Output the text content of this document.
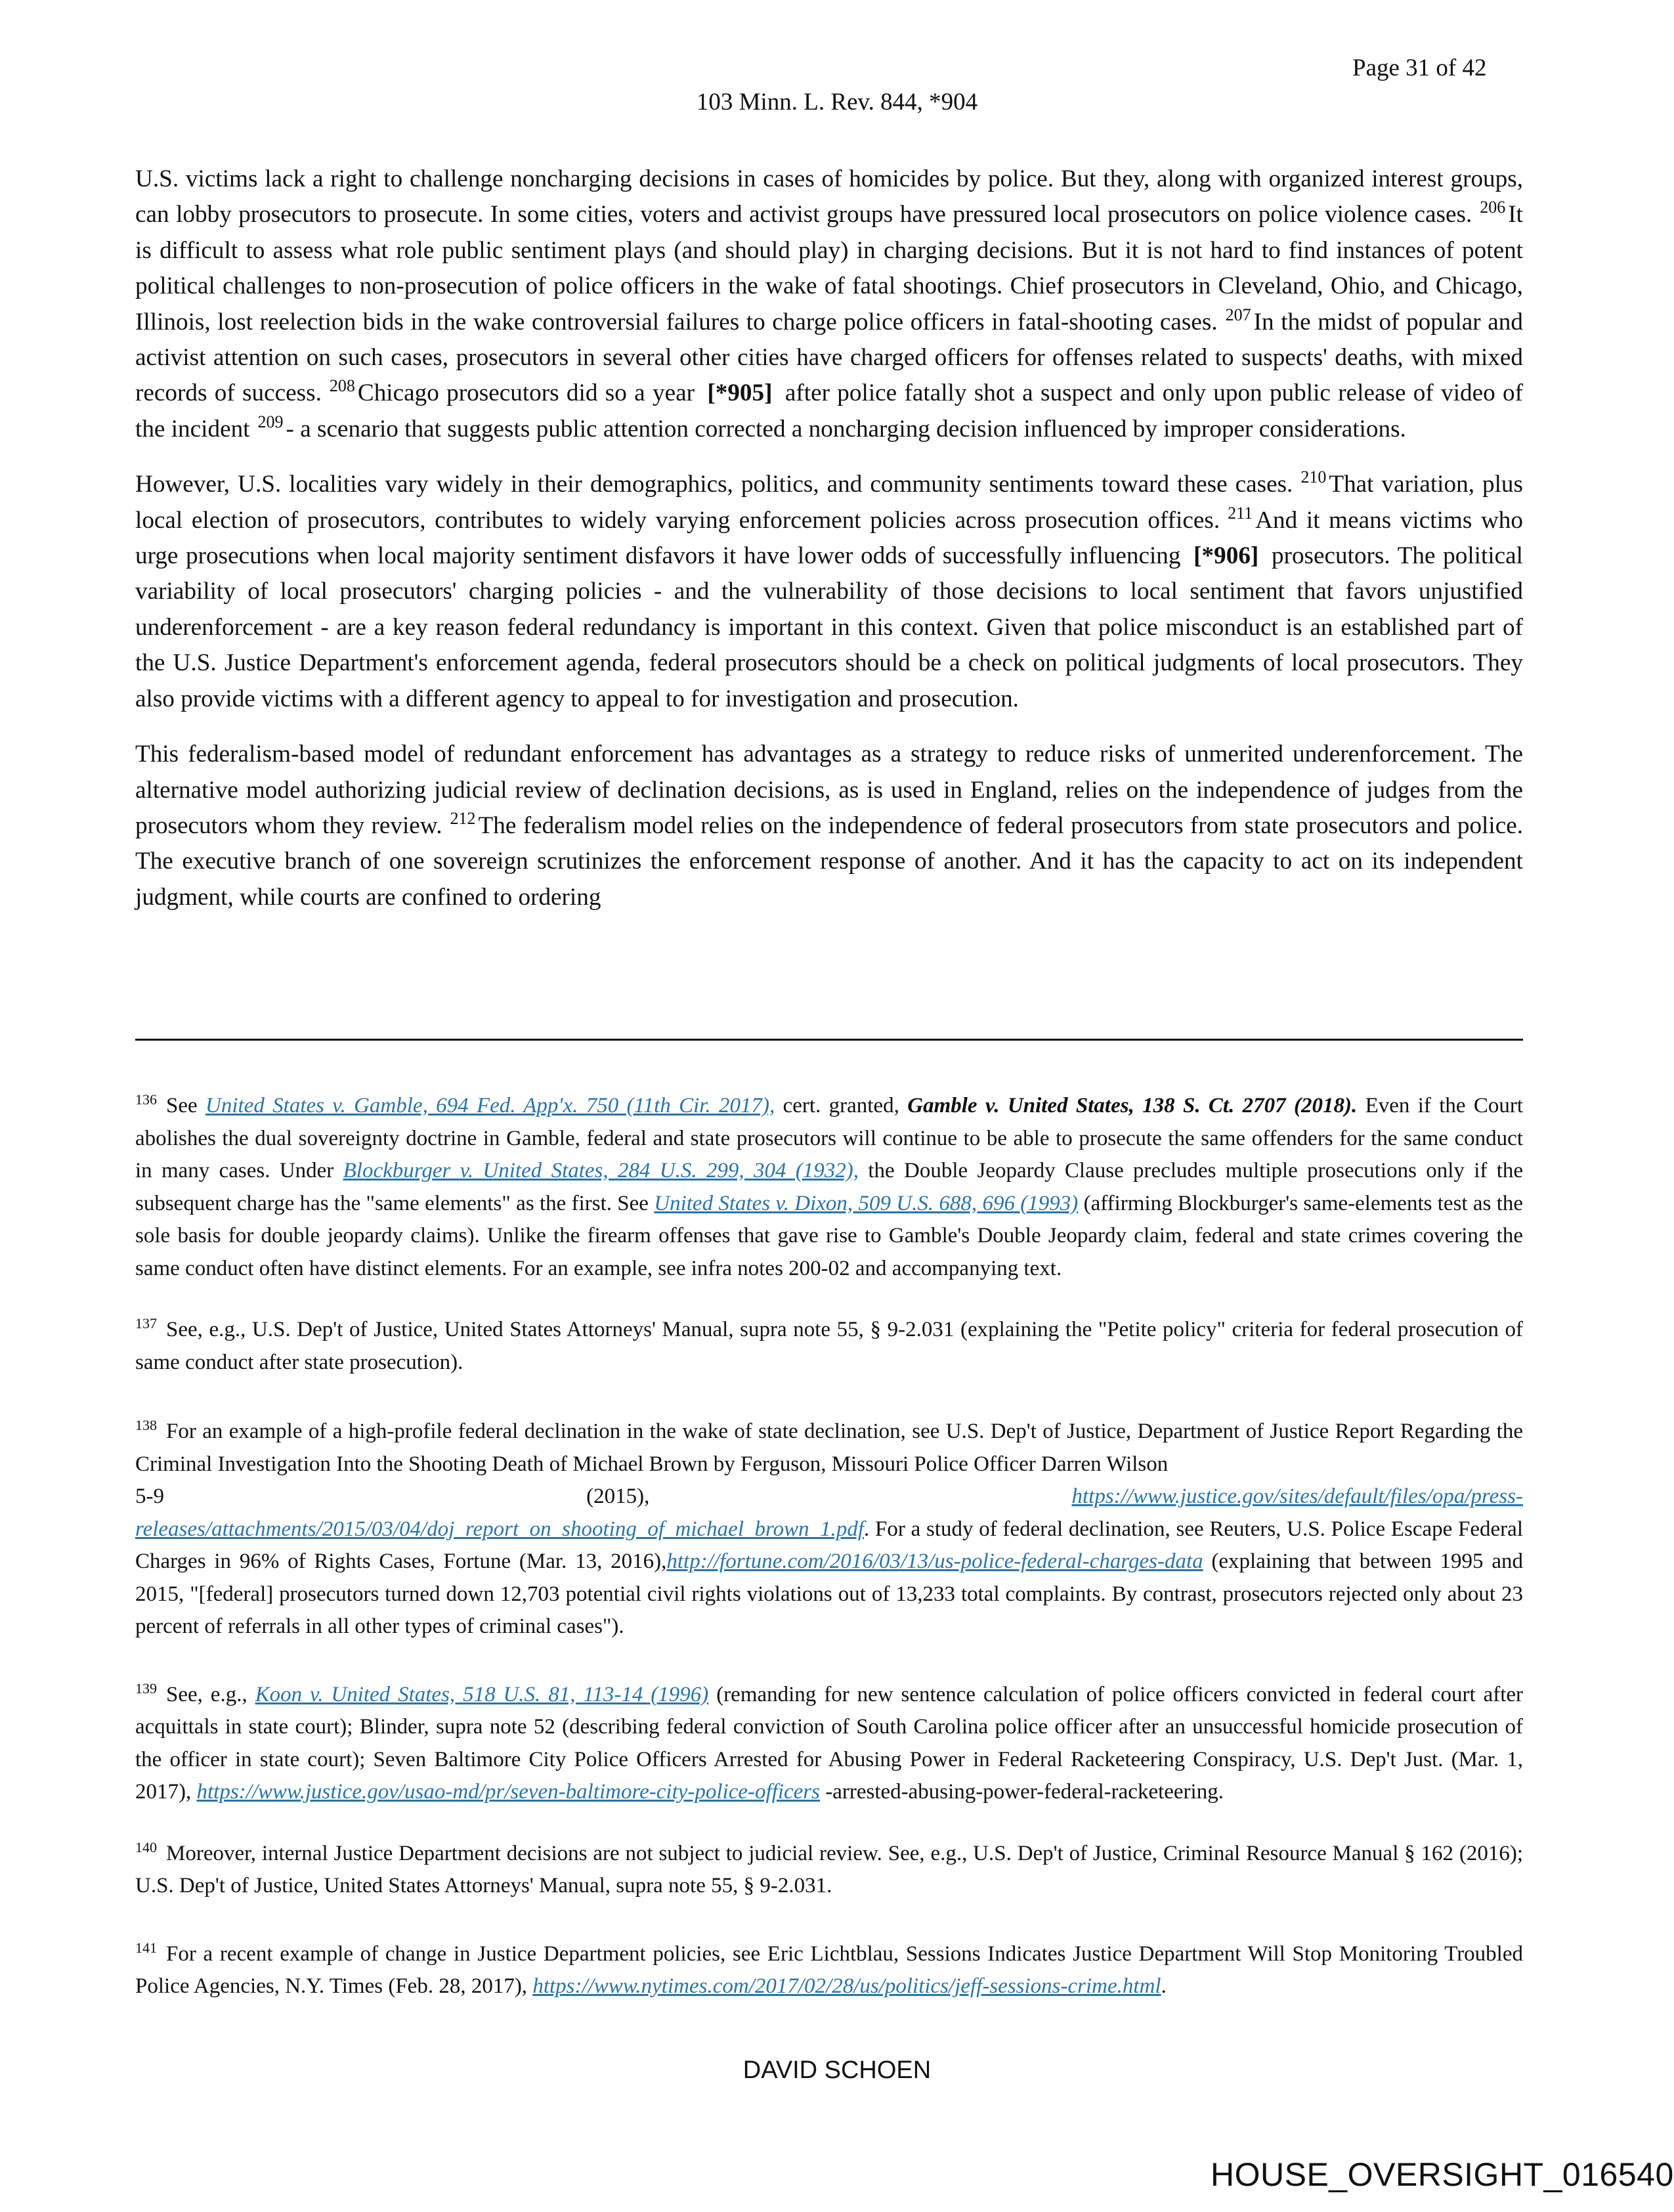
Page 31 of 42
103 Minn. L. Rev. 844, *904

U.S. victims lack a right to challenge noncharging decisions in cases of homicides by police. But they, along with organized interest groups, can lobby prosecutors to prosecute. In some cities, voters and activist groups have pressured local prosecutors on police violence cases. $^{206}$ It is difficult to assess what role public sentiment plays (and should play) in charging decisions. But it is not hard to find instances of potent political challenges to non-prosecution of police officers in the wake of fatal shootings. Chief prosecutors in Cleveland, Ohio, and Chicago, Illinois, lost reelection bids in the wake controversial failures to charge police officers in fatal-shooting cases. $^{207}$ In the midst of popular and activist attention on such cases, prosecutors in several other cities have charged officers for offenses related to suspects' deaths, with mixed records of success. $^{208}$ Chicago prosecutors did so a year [*905] after police fatally shot a suspect and only upon public release of video of the incident $^{209}$ - a scenario that suggests public attention corrected a noncharging decision influenced by improper considerations.

However, U.S. localities vary widely in their demographics, politics, and community sentiments toward these cases. $^{210}$ That variation, plus local election of prosecutors, contributes to widely varying enforcement policies across prosecution offices. $^{211}$ And it means victims who urge prosecutions when local majority sentiment disfavors it have lower odds of successfully influencing [*906] prosecutors. The political variability of local prosecutors' charging policies - and the vulnerability of those decisions to local sentiment that favors unjustified underenforcement - are a key reason federal redundancy is important in this context. Given that police misconduct is an established part of the U.S. Justice Department's enforcement agenda, federal prosecutors should be a check on political judgments of local prosecutors. They also provide victims with a different agency to appeal to for investigation and prosecution.

This federalism-based model of redundant enforcement has advantages as a strategy to reduce risks of unmerited underenforcement. The alternative model authorizing judicial review of declination decisions, as is used in England, relies on the independence of judges from the prosecutors whom they review. $^{212}$ The federalism model relies on the independence of federal prosecutors from state prosecutors and police. The executive branch of one sovereign scrutinizes the enforcement response of another. And it has the capacity to act on its independent judgment, while courts are confined to ordering

$^{136}$ See United States v. Gamble, 694 Fed. App'x. 750 (11th Cir. 2017), cert. granted, Gamble v. United States, 138 S. Ct. 2707 (2018). Even if the Court abolishes the dual sovereignty doctrine in Gamble, federal and state prosecutors will continue to be able to prosecute the same offenders for the same conduct in many cases. Under Blockburger v. United States, 284 U.S. 299, 304 (1932), the Double Jeopardy Clause precludes multiple prosecutions only if the subsequent charge has the "same elements" as the first. See United States v. Dixon, 509 U.S. 688, 696 (1993) (affirming Blockburger's same-elements test as the sole basis for double jeopardy claims). Unlike the firearm offenses that gave rise to Gamble's Double Jeopardy claim, federal and state crimes covering the same conduct often have distinct elements. For an example, see infra notes 200-02 and accompanying text.

$^{137}$ See, e.g., U.S. Dep't of Justice, United States Attorneys' Manual, supra note 55, § 9-2.031 (explaining the "Petite policy" criteria for federal prosecution of same conduct after state prosecution).

$^{138}$ For an example of a high-profile federal declination in the wake of state declination, see U.S. Dep't of Justice, Department of Justice Report Regarding the Criminal Investigation Into the Shooting Death of Michael Brown by Ferguson, Missouri Police Officer Darren Wilson
5-9	(2015),	https://www.justice.gov/sites/default/files/opa/press-
releases/attachments/2015/03/04/doj_report_on_shooting_of_michael_brown_1.pdf. For a study of federal declination, see Reuters, U.S. Police Escape Federal Charges in 96% of Rights Cases, Fortune (Mar. 13, 2016),http://fortune.com/2016/03/13/us-police-federal-charges-data (explaining that between 1995 and 2015, "[federal] prosecutors turned down 12,703 potential civil rights violations out of 13,233 total complaints. By contrast, prosecutors rejected only about 23 percent of referrals in all other types of criminal cases").

$^{139}$ See, e.g., Koon v. United States, 518 U.S. 81, 113-14 (1996) (remanding for new sentence calculation of police officers convicted in federal court after acquittals in state court); Blinder, supra note 52 (describing federal conviction of South Carolina police officer after an unsuccessful homicide prosecution of the officer in state court); Seven Baltimore City Police Officers Arrested for Abusing Power in Federal Racketeering Conspiracy, U.S. Dep't Just. (Mar. 1, 2017), https://www.justice.gov/usao-md/pr/seven-baltimore-city-police-officers -arrested-abusing-power-federal-racketeering.

$^{140}$ Moreover, internal Justice Department decisions are not subject to judicial review. See, e.g., U.S. Dep't of Justice, Criminal Resource Manual § 162 (2016); U.S. Dep't of Justice, United States Attorneys' Manual, supra note 55, § 9-2.031.

$^{141}$ For a recent example of change in Justice Department policies, see Eric Lichtblau, Sessions Indicates Justice Department Will Stop Monitoring Troubled Police Agencies, N.Y. Times (Feb. 28, 2017), https://www.nytimes.com/2017/02/28/us/politics/jeff-sessions-crime.html.

DAVID SCHOEN
HOUSE_OVERSIGHT_016540
